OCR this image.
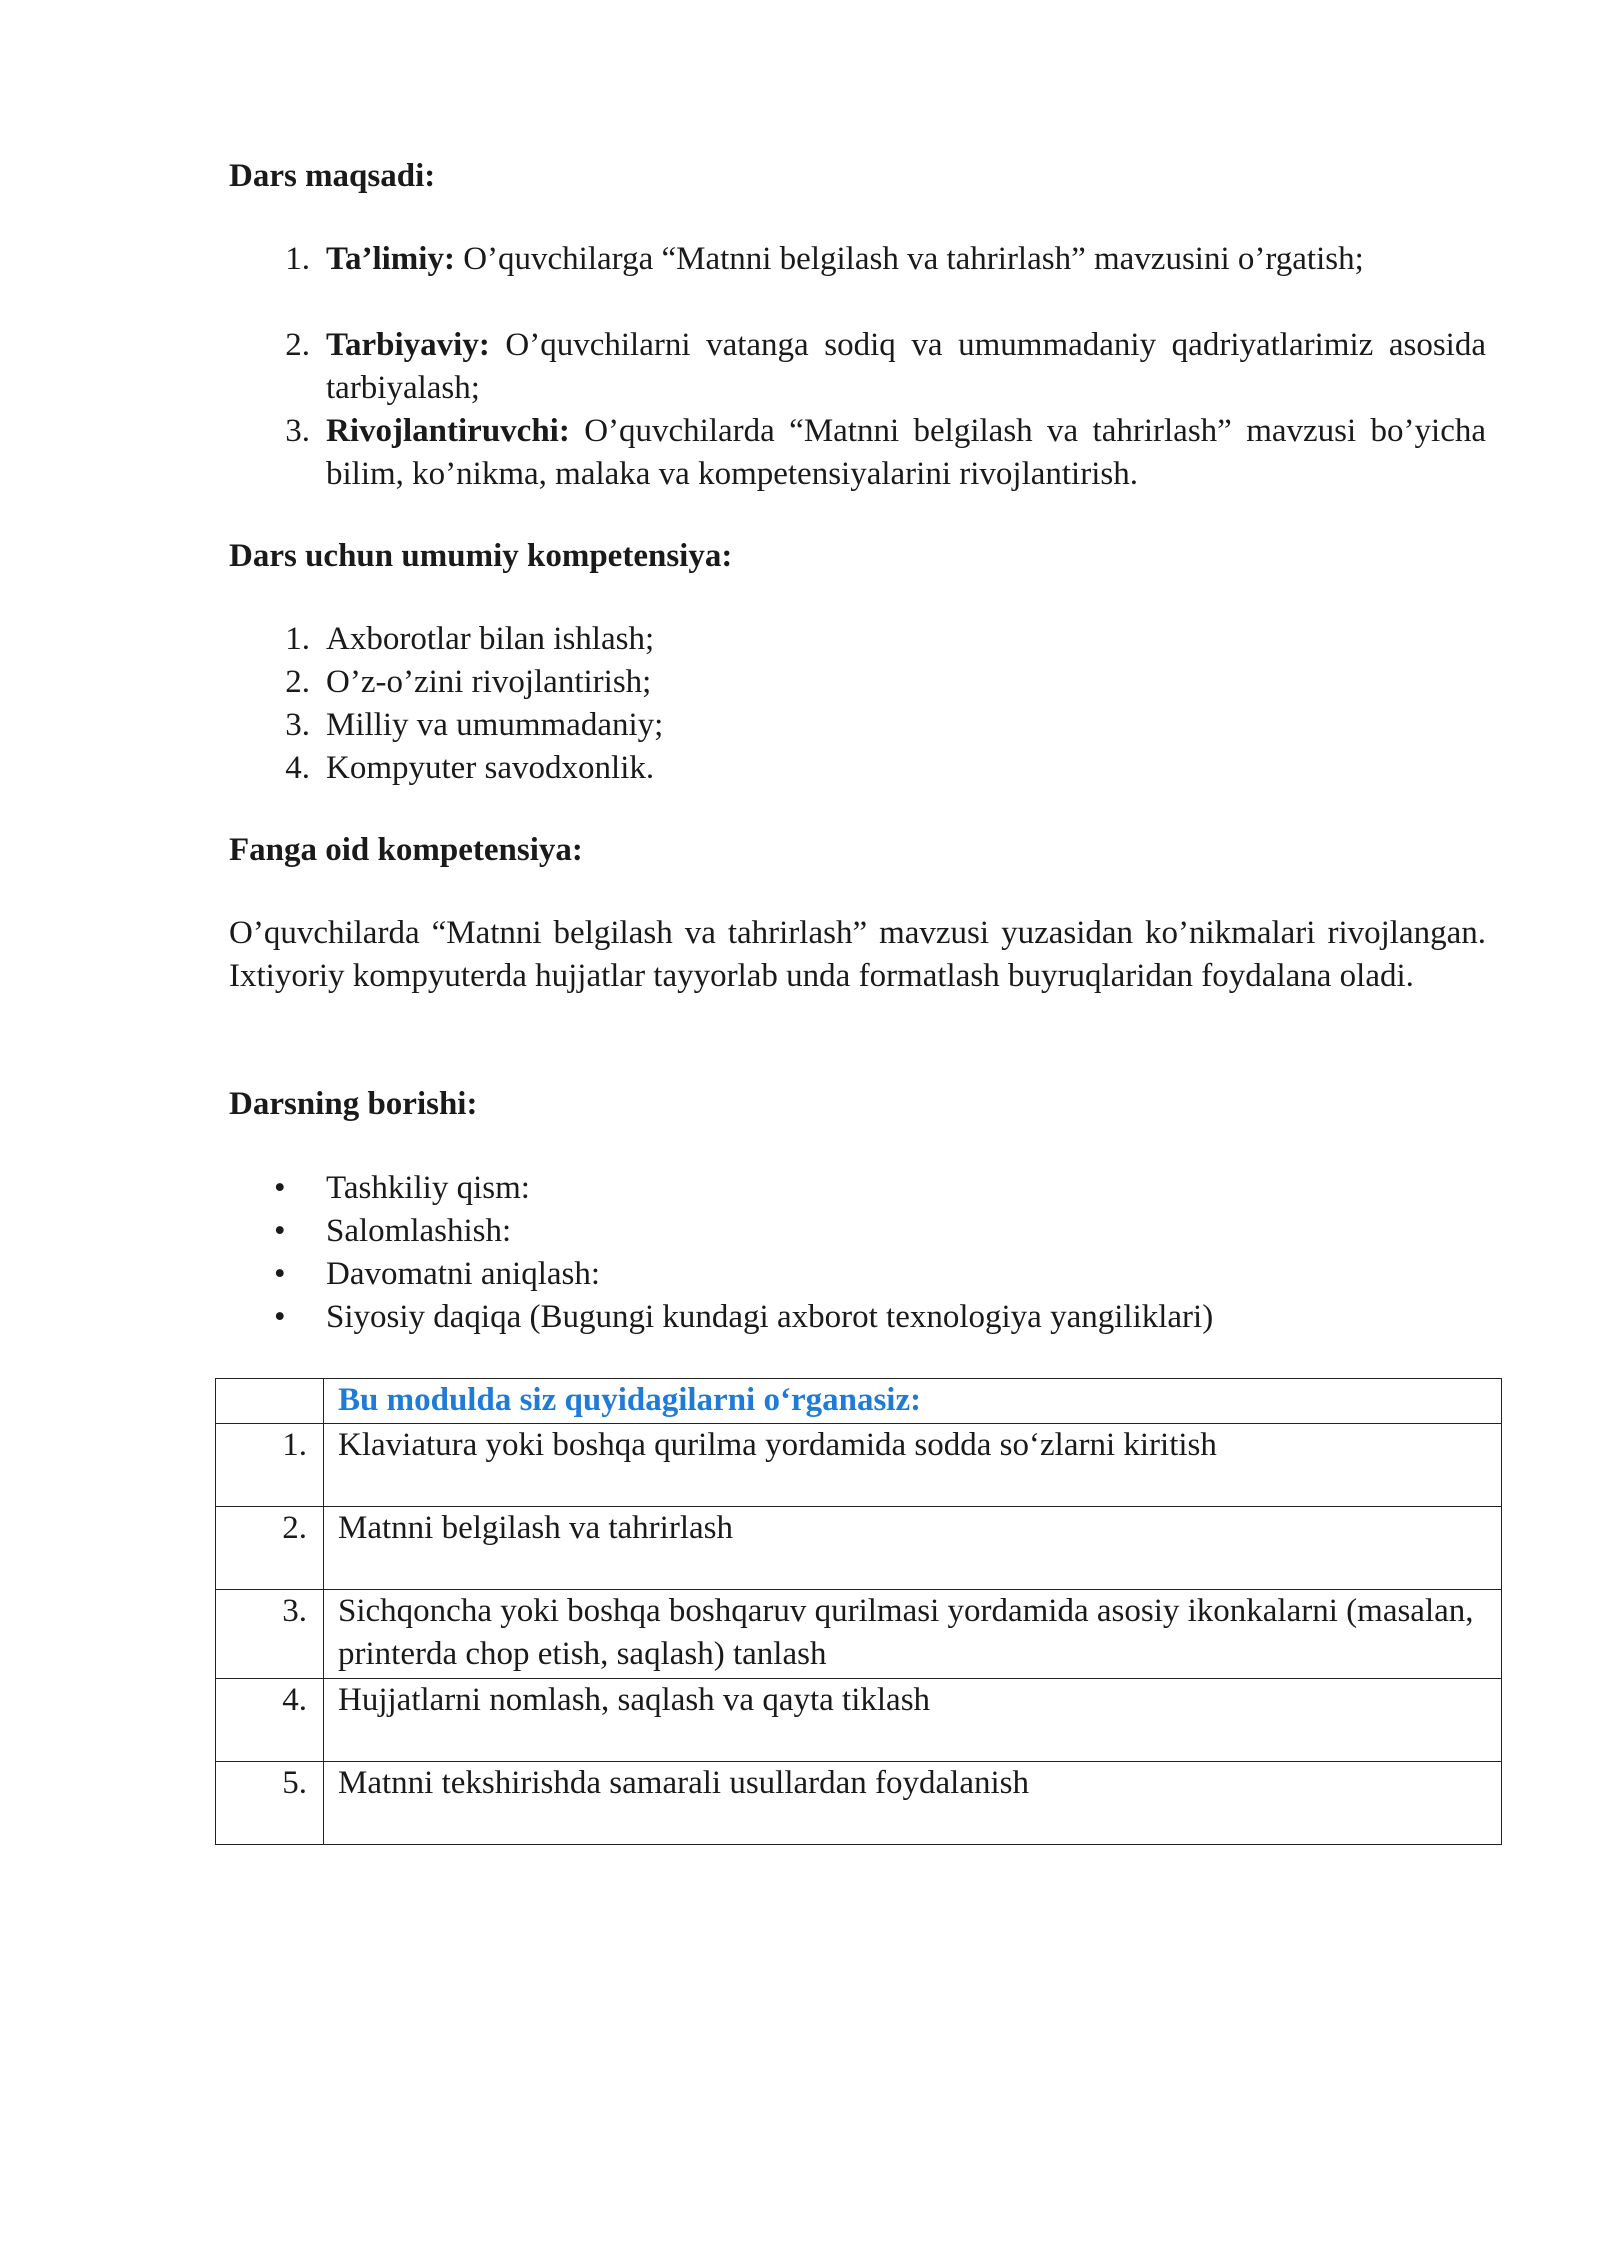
Dars maqsadi:
1. Ta’limiy: O’quvchilarga “Matnni belgilash va tahrirlash” mavzusini o’rgatish;
2. Tarbiyaviy: O’quvchilarni vatanga sodiq va umummadaniy qadriyatlarimiz asosida tarbiyalash;
3. Rivojlantiruvchi: O’quvchilarda “Matnni belgilash va tahrirlash” mavzusi bo’yicha bilim, ko’nikma, malaka va kompetensiyalarini rivojlantirish.
Dars uchun umumiy kompetensiya:
1. Axborotlar bilan ishlash;
2. O’z-o’zini rivojlantirish;
3. Milliy va umummadaniy;
4. Kompyuter savodxonlik.
Fanga oid kompetensiya:

O’quvchilarda “Matnni belgilash va tahrirlash” mavzusi yuzasidan ko’nikmalari rivojlangan. Ixtiyoriy kompyuterda hujjatlar tayyorlab unda formatlash buyruqlaridan foydalana oladi.

Darsning borishi:
• Tashkiliy qism:
• Salomlashish:
• Davomatni aniqlash:
• Siyosiy daqiqa (Bugungi kundagi axborot texnologiya yangiliklari)
	Bu modulda siz quyidagilarni o‘rganasiz:
1.	Klaviatura yoki boshqa qurilma yordamida sodda so‘zlarni kiritish
2.	Matnni belgilash va tahrirlash
3.	Sichqoncha yoki boshqa boshqaruv qurilmasi yordamida asosiy ikonkalarni (masalan, printerda chop etish, saqlash) tanlash
4.	Hujjatlarni nomlash, saqlash va qayta tiklash
5.	Matnni tekshirishda samarali usullardan foydalanish
